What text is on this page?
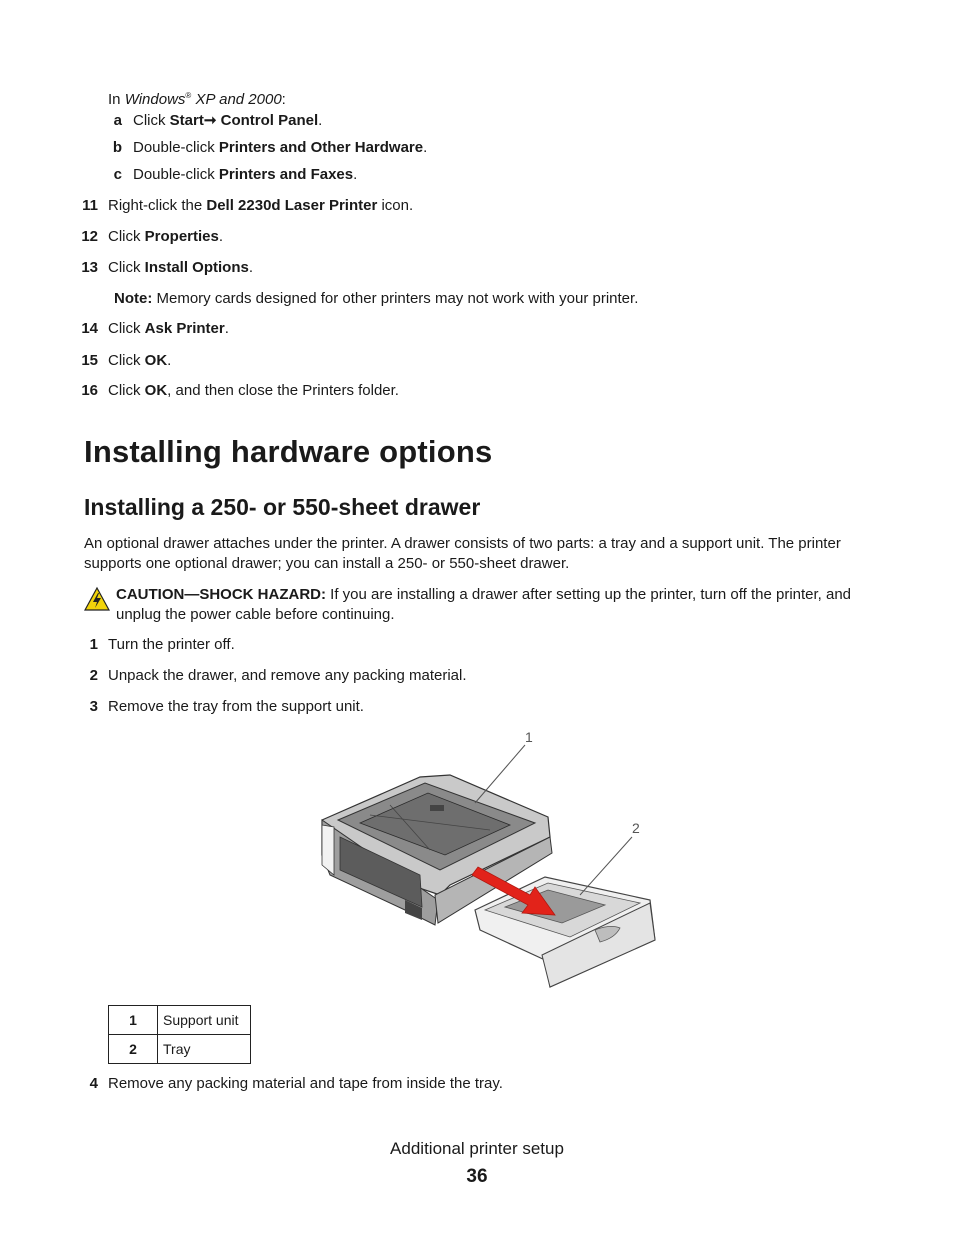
In Windows® XP and 2000:
a Click Start➞ Control Panel.
b Double-click Printers and Other Hardware.
c Double-click Printers and Faxes.
11 Right-click the Dell 2230d Laser Printer icon.
12 Click Properties.
13 Click Install Options.
Note: Memory cards designed for other printers may not work with your printer.
14 Click Ask Printer.
15 Click OK.
16 Click OK, and then close the Printers folder.
Installing hardware options
Installing a 250- or 550-sheet drawer
An optional drawer attaches under the printer. A drawer consists of two parts: a tray and a support unit. The printer supports one optional drawer; you can install a 250- or 550-sheet drawer.
CAUTION—SHOCK HAZARD: If you are installing a drawer after setting up the printer, turn off the printer, and unplug the power cable before continuing.
1 Turn the printer off.
2 Unpack the drawer, and remove any packing material.
3 Remove the tray from the support unit.
1
2
1	Support unit
2	Tray
4 Remove any packing material and tape from inside the tray.
Additional printer setup
36
